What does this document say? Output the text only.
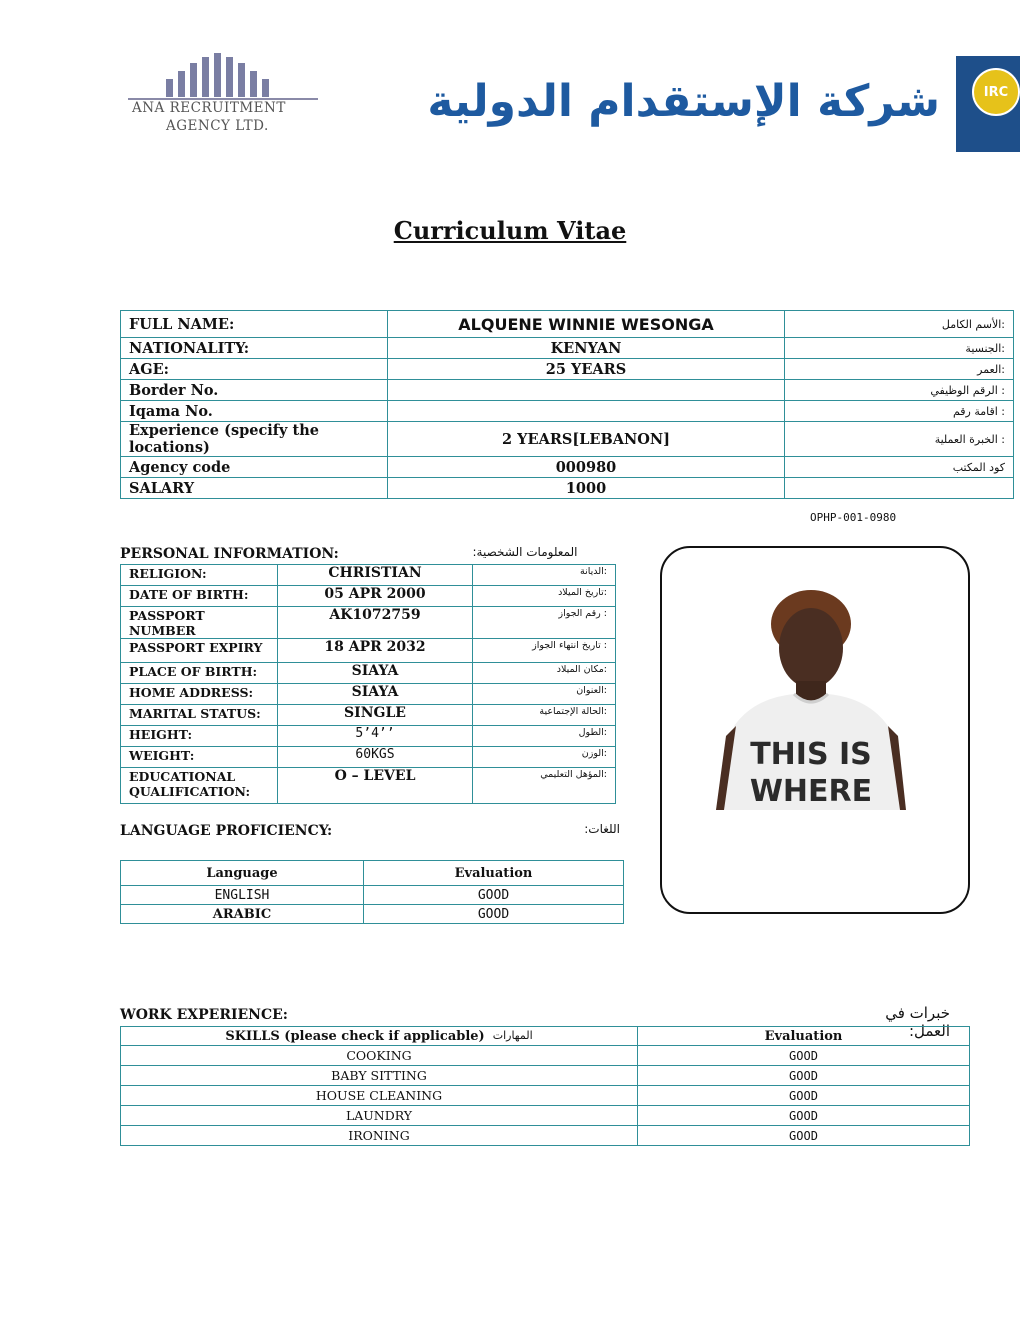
ANA RECRUITMENT
AGENCY LTD.	شركة الإستقدام الدولية	IRC
Curriculum Vitae
FULL NAME:	ALQUENE WINNIE WESONGA	الأسم الكامل:
NATIONALITY:	KENYAN	الجنسية:
AGE:	25 YEARS	العمر:
Border No.		الرقم الوظيفي :
Iqama No.		اقامة رقم :
Experience (specify the locations)	2 YEARS[LEBANON]	الخبرة العملية :
Agency code	000980	كود المكتب
SALARY	1000	
OPHP-001-0980
PERSONAL INFORMATION:	المعلومات الشخصية:
RELIGION:	CHRISTIAN	الديانة:
DATE OF BIRTH:	05 APR 2000	تاريخ الميلاد:
PASSPORT NUMBER	AK1072759	رقم الجواز :
PASSPORT EXPIRY	18 APR 2032	تاريخ انتهاء الجواز :
PLACE OF BIRTH:	SIAYA	مكان الميلاد:
HOME ADDRESS:	SIAYA	العنوان:
MARITAL STATUS:	SINGLE	الحالة الإجتماعية:
HEIGHT:	5’4’’	الطول:
WEIGHT:	60KGS	الوزن:
EDUCATIONAL QUALIFICATION:	O – LEVEL	المؤهل التعليمي:
THIS IS
WHERE
LANGUAGE PROFICIENCY:	اللغات:
Language	Evaluation
ENGLISH	GOOD
ARABIC	GOOD
WORK EXPERIENCE:	خبرات في العمل:
SKILLS (please check if applicable) $^{المهارات}$	Evaluation
COOKING	GOOD
BABY SITTING	GOOD
HOUSE CLEANING	GOOD
LAUNDRY	GOOD
IRONING	GOOD
